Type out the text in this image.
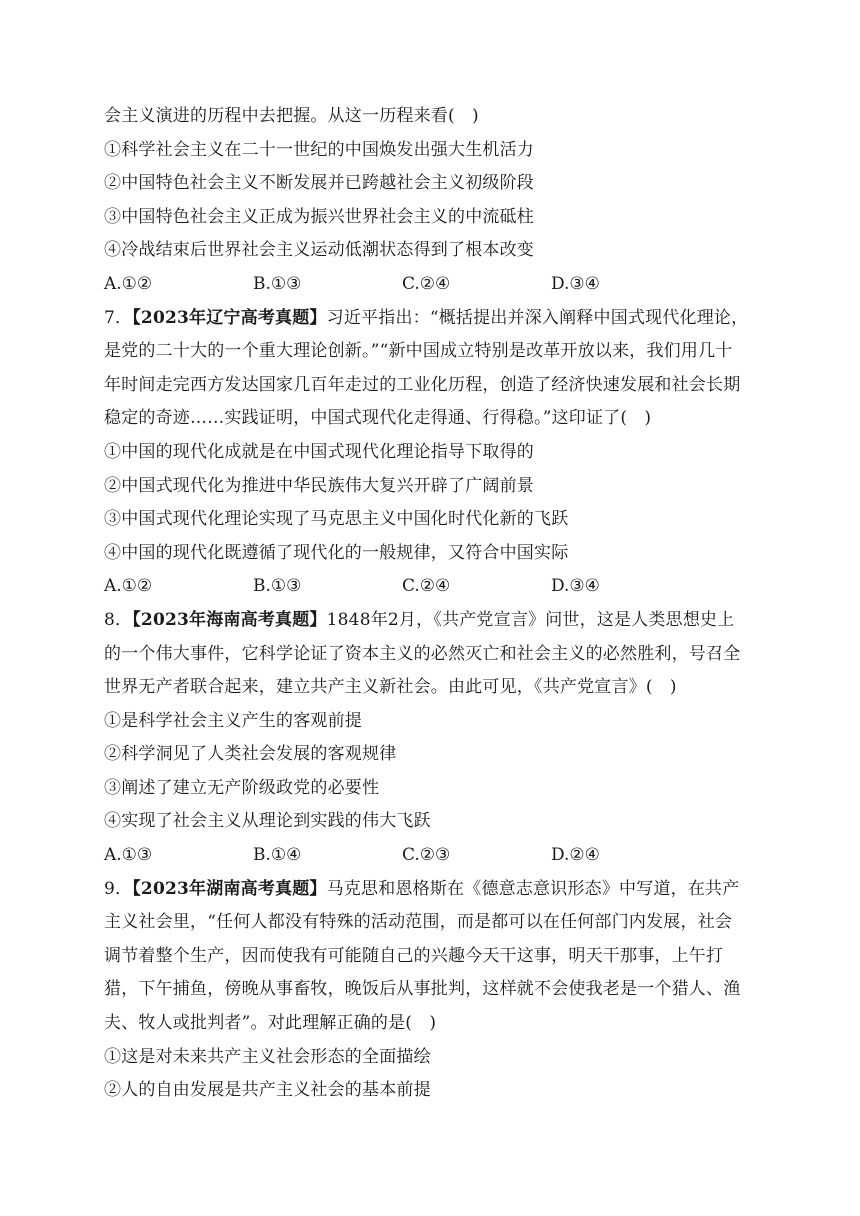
会主义演进的历程中去把握。从这一历程来看(　)
①科学社会主义在二十一世纪的中国焕发出强大生机活力
②中国特色社会主义不断发展并已跨越社会主义初级阶段
③中国特色社会主义正成为振兴世界社会主义的中流砥柱
④冷战结束后世界社会主义运动低潮状态得到了根本改变
A.①②	B.①③	C.②④	D.③④
7．【2023年辽宁高考真题】习近平指出：“概括提出并深入阐释中国式现代化理论，
是党的二十大的一个重大理论创新。”“新中国成立特别是改革开放以来，我们用几十
年时间走完西方发达国家几百年走过的工业化历程，创造了经济快速发展和社会长期
稳定的奇迹……实践证明，中国式现代化走得通、行得稳。”这印证了(　)
①中国的现代化成就是在中国式现代化理论指导下取得的
②中国式现代化为推进中华民族伟大复兴开辟了广阔前景
③中国式现代化理论实现了马克思主义中国化时代化新的飞跃
④中国的现代化既遵循了现代化的一般规律，又符合中国实际
A.①②	B.①③	C.②④	D.③④
8．【2023年海南高考真题】1848年2月，《共产党宣言》问世，这是人类思想史上
的一个伟大事件，它科学论证了资本主义的必然灭亡和社会主义的必然胜利，号召全
世界无产者联合起来，建立共产主义新社会。由此可见，《共产党宣言》(　)
①是科学社会主义产生的客观前提
②科学洞见了人类社会发展的客观规律
③阐述了建立无产阶级政党的必要性
④实现了社会主义从理论到实践的伟大飞跃
A.①③	B.①④	C.②③	D.②④
9．【2023年湖南高考真题】马克思和恩格斯在《德意志意识形态》中写道，在共产
主义社会里，“任何人都没有特殊的活动范围，而是都可以在任何部门内发展，社会
调节着整个生产，因而使我有可能随自己的兴趣今天干这事，明天干那事，上午打
猎，下午捕鱼，傍晚从事畜牧，晚饭后从事批判，这样就不会使我老是一个猎人、渔
夫、牧人或批判者”。对此理解正确的是(　)
①这是对未来共产主义社会形态的全面描绘
②人的自由发展是共产主义社会的基本前提
